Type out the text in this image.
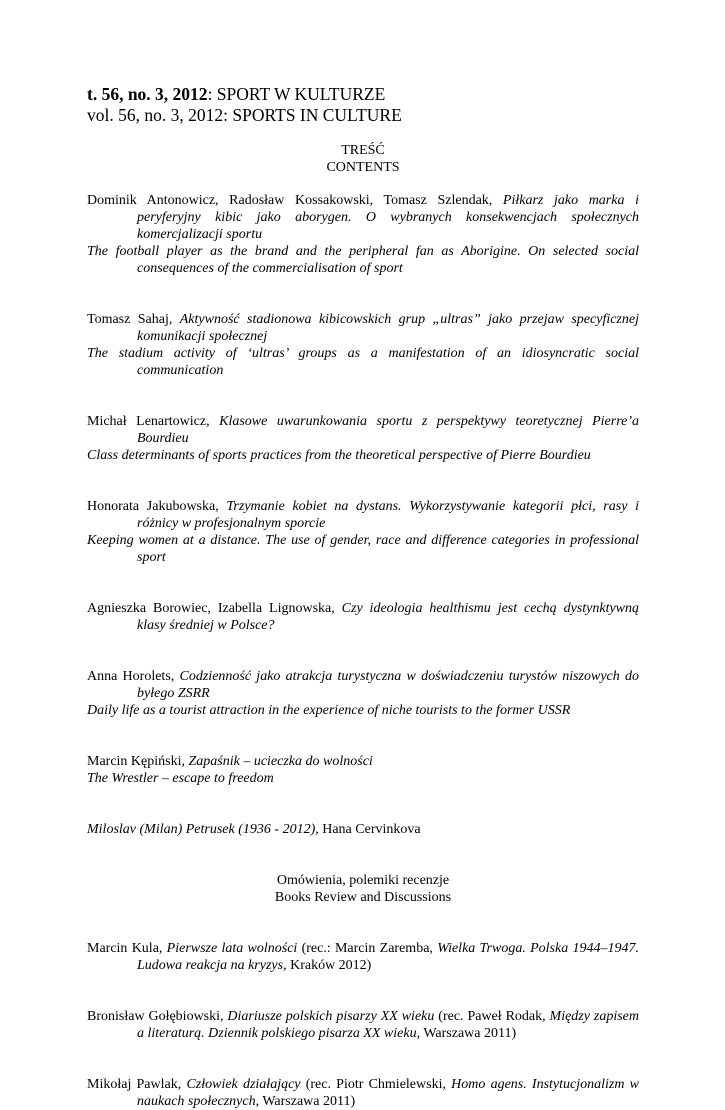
t. 56, no. 3, 2012: SPORT W KULTURZE
vol. 56, no. 3, 2012: SPORTS IN CULTURE
TREŚĆ
CONTENTS

Dominik Antonowicz, Radosław Kossakowski, Tomasz Szlendak, Piłkarz jako marka i peryferyjny kibic jako aborygen. O wybranych konsekwencjach społecznych komercjalizacji sportu

The football player as the brand and the peripheral fan as Aborigine. On selected social consequences of the commercialisation of sport

Tomasz Sahaj, Aktywność stadionowa kibicowskich grup „ultras” jako przejaw specyficznej komunikacji społecznej

The stadium activity of ‘ultras’ groups as a manifestation of an idiosyncratic social communication

Michał Lenartowicz, Klasowe uwarunkowania sportu z perspektywy teoretycznej Pierre’a Bourdieu

Class determinants of sports practices from the theoretical perspective of Pierre Bourdieu

Honorata Jakubowska, Trzymanie kobiet na dystans. Wykorzystywanie kategorii płci, rasy i różnicy w profesjonalnym sporcie

Keeping women at a distance. The use of gender, race and difference categories in professional sport

Agnieszka Borowiec, Izabella Lignowska, Czy ideologia healthismu jest cechą dystynktywną klasy średniej w Polsce?

Anna Horolets, Codzienność jako atrakcja turystyczna w doświadczeniu turystów niszowych do byłego ZSRR

Daily life as a tourist attraction in the experience of niche tourists to the former USSR

Marcin Kępiński, Zapaśnik – ucieczka do wolności

The Wrestler – escape to freedom

Miloslav (Milan) Petrusek (1936 - 2012), Hana Cervinkova

Omówienia, polemiki recenzje
Books Review and Discussions

Marcin Kula, Pierwsze lata wolności (rec.: Marcin Zaremba, Wielka Trwoga. Polska 1944–1947. Ludowa reakcja na kryzys, Kraków 2012)

Bronisław Gołębiowski, Diariusze polskich pisarzy XX wieku (rec. Paweł Rodak, Między zapisem a literaturą. Dziennik polskiego pisarza XX wieku, Warszawa 2011)

Mikołaj Pawlak, Człowiek działający (rec. Piotr Chmielewski, Homo agens. Instytucjonalizm w naukach społecznych, Warszawa 2011)
